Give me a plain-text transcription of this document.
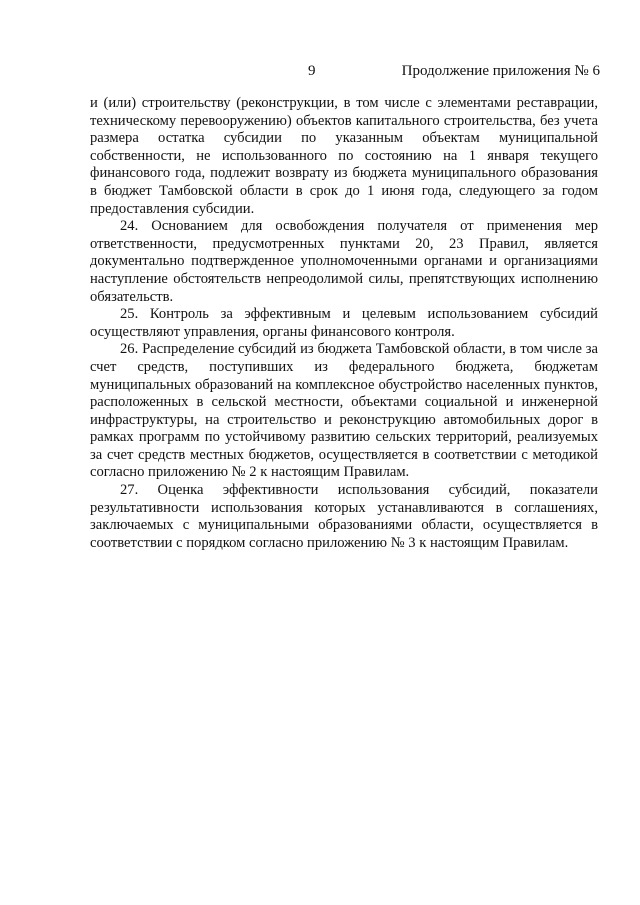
9	Продолжение приложения № 6

и (или) строительству (реконструкции, в том числе с элементами реставрации, техническому перевооружению) объектов капитального строительства, без учета размера остатка субсидии по указанным объектам муниципальной собственности, не использованного по состоянию на 1 января текущего финансового года, подлежит возврату из бюджета муниципального образования в бюджет Тамбовской области в срок до 1 июня года, следующего за годом предоставления субсидии.

24. Основанием для освобождения получателя от применения мер ответственности, предусмотренных пунктами 20, 23 Правил, является документально подтвержденное уполномоченными органами и организациями наступление обстоятельств непреодолимой силы, препятствующих исполнению обязательств.

25. Контроль за эффективным и целевым использованием субсидий осуществляют управления, органы финансового контроля.

26. Распределение субсидий из бюджета Тамбовской области, в том числе за счет средств, поступивших из федерального бюджета, бюджетам муниципальных образований на комплексное обустройство населенных пунктов, расположенных в сельской местности, объектами социальной и инженерной инфраструктуры, на строительство и реконструкцию автомобильных дорог в рамках программ по устойчивому развитию сельских территорий, реализуемых за счет средств местных бюджетов, осуществляется в соответствии с методикой согласно приложению № 2 к настоящим Правилам.

27. Оценка эффективности использования субсидий, показатели результативности использования которых устанавливаются в соглашениях, заключаемых с муниципальными образованиями области, осуществляется в соответствии с порядком согласно приложению № 3 к настоящим Правилам.
